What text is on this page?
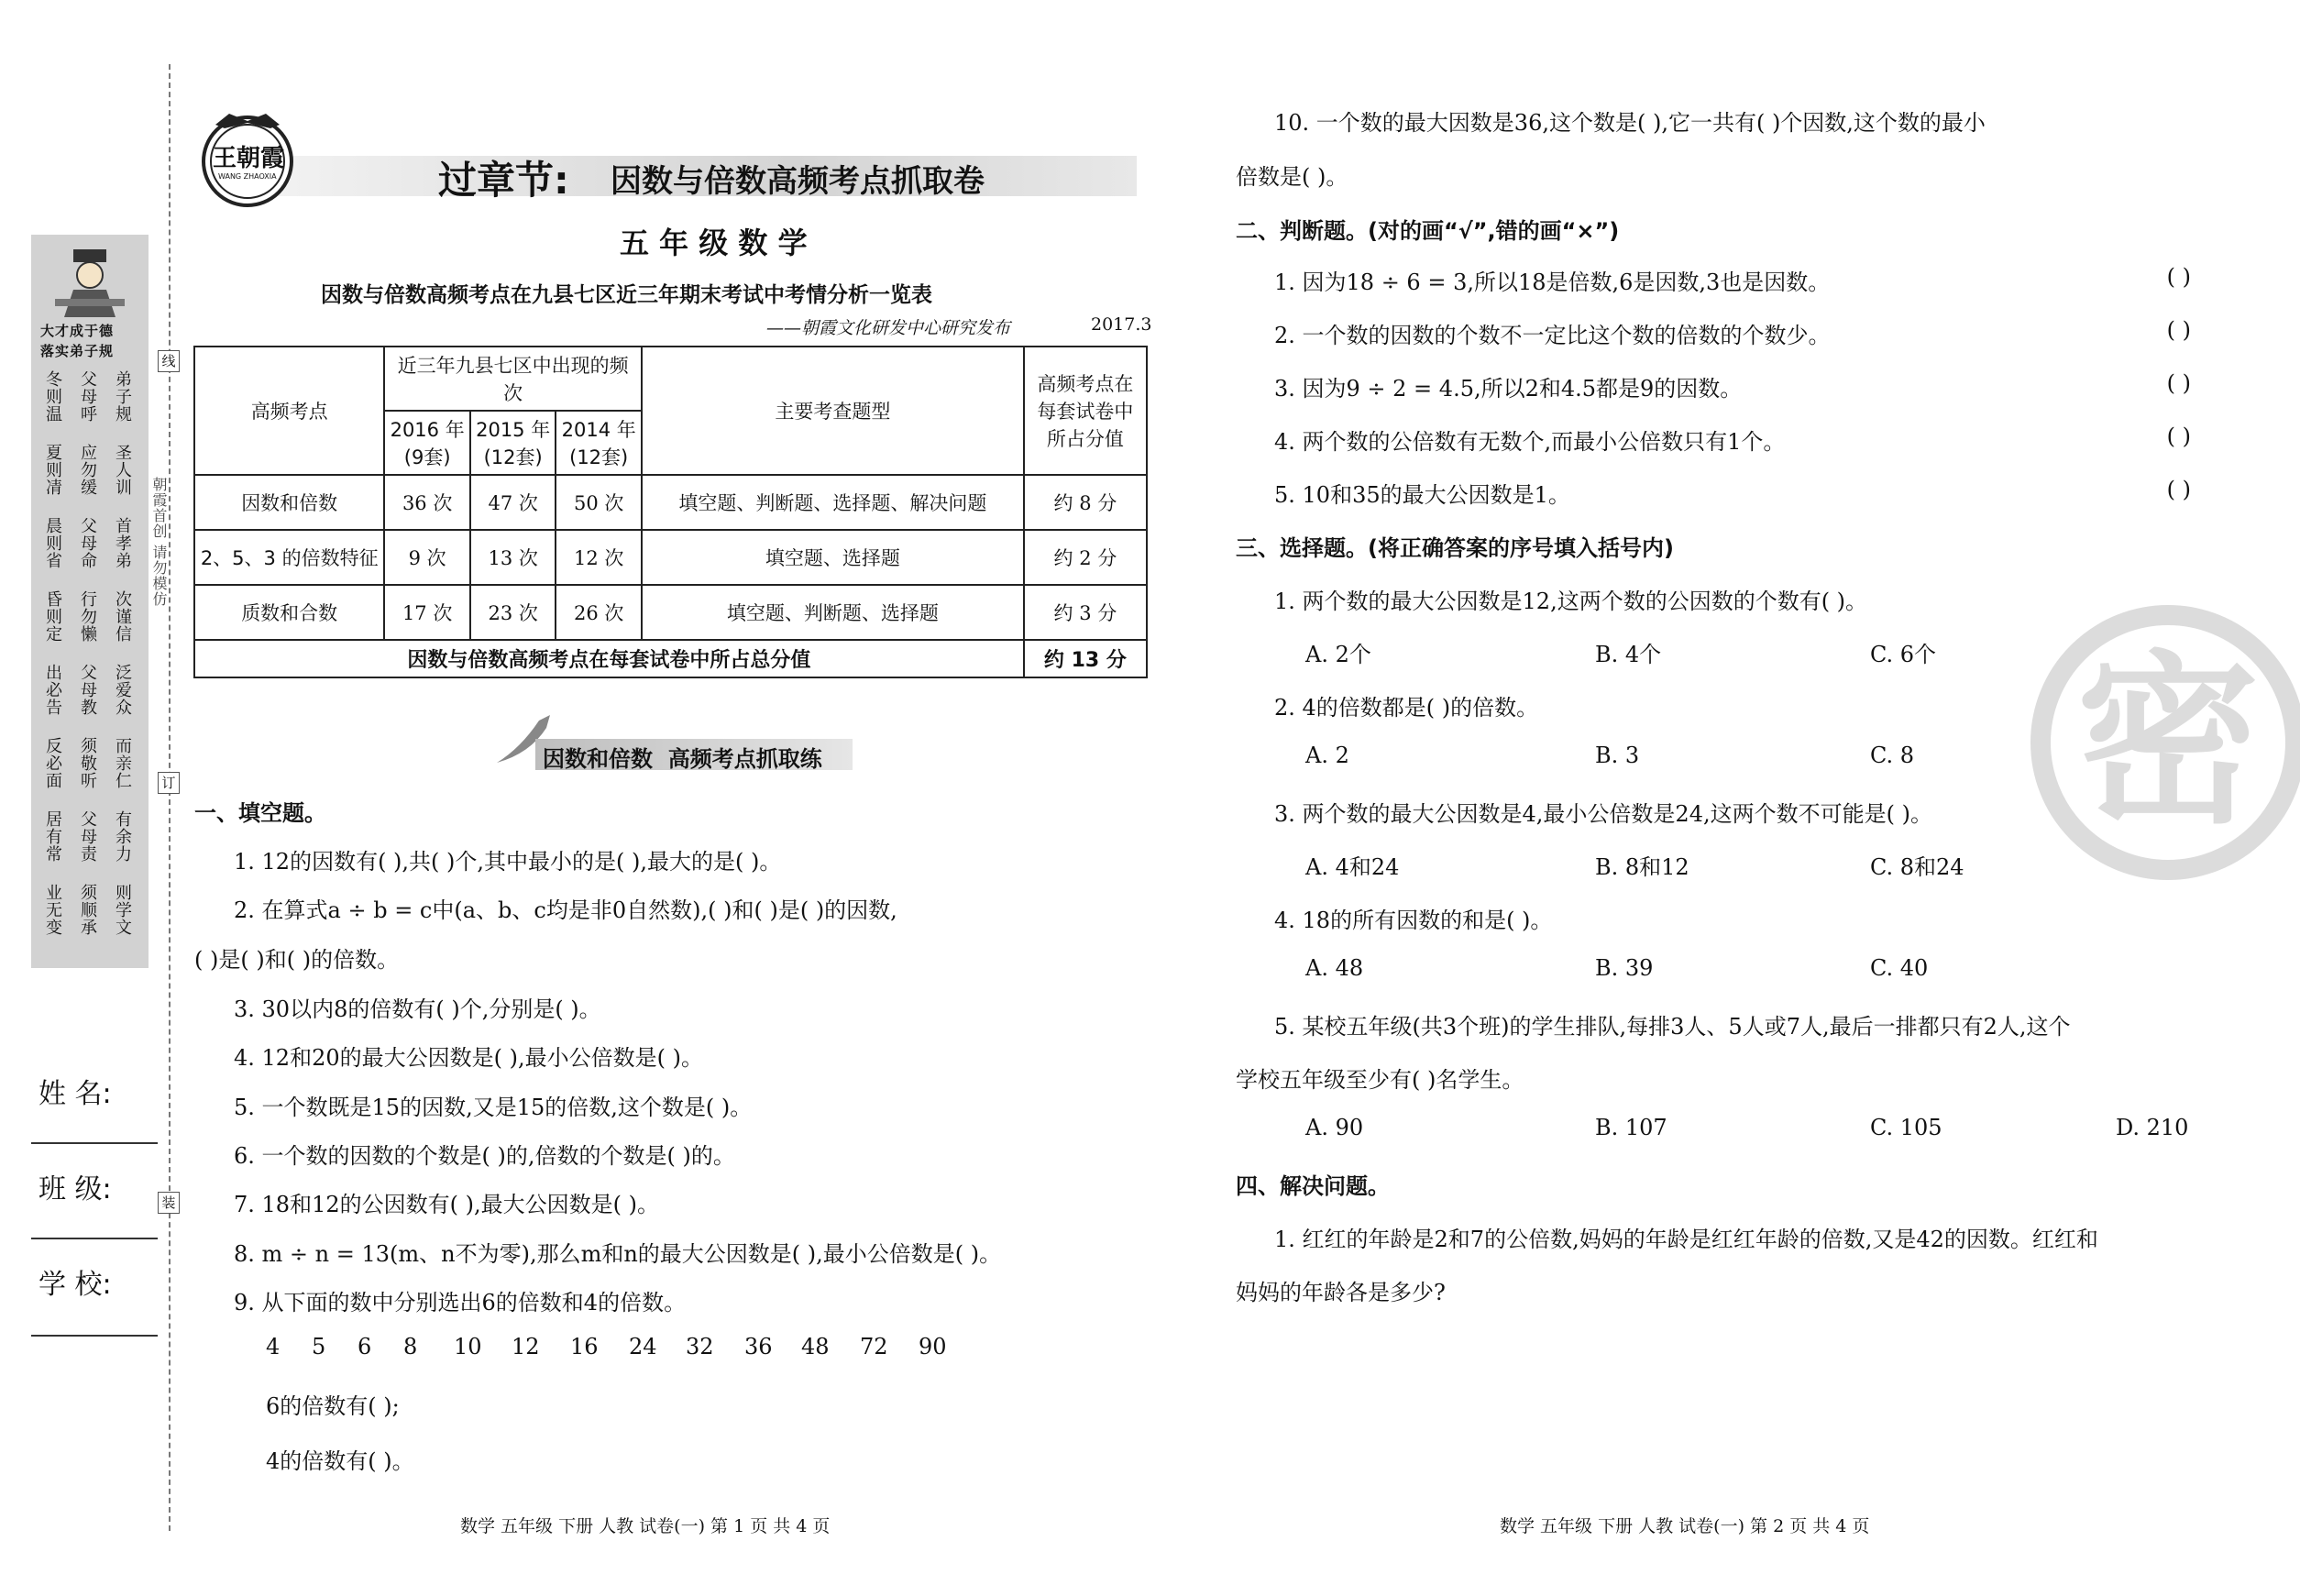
大才成于德
落实弟子规
冬则温 父母呼 弟子规
夏则凊 应勿缓 圣人训
晨则省 父母命 首孝弟
昏则定 行勿懒 次谨信
出必告 父母教 泛爱众
反必面 须敬听 而亲仁
居有常 父母责 有余力
业无变 须顺承 则学文
线
订
装
朝霞首创 请勿模仿
姓 名:
班 级:
学 校:
王朝霞
WANG ZHAOXIA	过章节: 因数与倍数高频考点抓取卷
五 年 级 数 学
因数与倍数高频考点在九县七区近三年期末考试中考情分析一览表
——朝霞文化研发中心研究发布	2017.3
高频考点	近三年九县七区中出现的频次			主要考查题型	高频考点在每套试卷中所占分值
	2016 年(9套)	2015 年(12套)	2014 年(12套)		
因数和倍数	36 次	47 次	50 次	填空题、判断题、选择题、解决问题	约 8 分
2、5、3 的倍数特征	9 次	13 次	12 次	填空题、选择题	约 2 分
质数和合数	17 次	23 次	26 次	填空题、判断题、选择题	约 3 分
因数与倍数高频考点在每套试卷中所占总分值					约 13 分
因数和倍数  高频考点抓取练
一、填空题。
1. 12的因数有( ),共( )个,其中最小的是( ),最大的是( )。
2. 在算式a ÷ b = c中(a、b、c均是非0自然数),( )和( )是( )的因数,
( )是( )和( )的倍数。
3. 30以内8的倍数有( )个,分别是( )。
4. 12和20的最大公因数是( ),最小公倍数是( )。
5. 一个数既是15的因数,又是15的倍数,这个数是( )。
6. 一个数的因数的个数是( )的,倍数的个数是( )的。
7. 18和12的公因数有( ),最大公因数是( )。
8. m ÷ n = 13(m、n不为零),那么m和n的最大公因数是( ),最小公倍数是( )。
9. 从下面的数中分别选出6的倍数和4的倍数。
4 5 6 8 10 12 16 24 32 36 48 72 90
6的倍数有( );
4的倍数有( )。
10. 一个数的最大因数是36,这个数是( ),它一共有( )个因数,这个数的最小
倍数是( )。
二、判断题。(对的画“√”,错的画“×”)
1. 因为18 ÷ 6 = 3,所以18是倍数,6是因数,3也是因数。	( )
2. 一个数的因数的个数不一定比这个数的倍数的个数少。	( )
3. 因为9 ÷ 2 = 4.5,所以2和4.5都是9的因数。	( )
4. 两个数的公倍数有无数个,而最小公倍数只有1个。	( )
5. 10和35的最大公因数是1。	( )
三、选择题。(将正确答案的序号填入括号内)
1. 两个数的最大公因数是12,这两个数的公因数的个数有( )。
A. 2个	B. 4个	C. 6个
2. 4的倍数都是( )的倍数。
A. 2	B. 3	C. 8
3. 两个数的最大公因数是4,最小公倍数是24,这两个数不可能是( )。
A. 4和24	B. 8和12	C. 8和24
4. 18的所有因数的和是( )。
A. 48	B. 39	C. 40
5. 某校五年级(共3个班)的学生排队,每排3人、5人或7人,最后一排都只有2人,这个
学校五年级至少有( )名学生。
A. 90	B. 107	C. 105	D. 210
四、解决问题。
1. 红红的年龄是2和7的公倍数,妈妈的年龄是红红年龄的倍数,又是42的因数。红红和
妈妈的年龄各是多少?
密
数学 五年级 下册 人教 试卷(一) 第 1 页 共 4 页	数学 五年级 下册 人教 试卷(一) 第 2 页 共 4 页
